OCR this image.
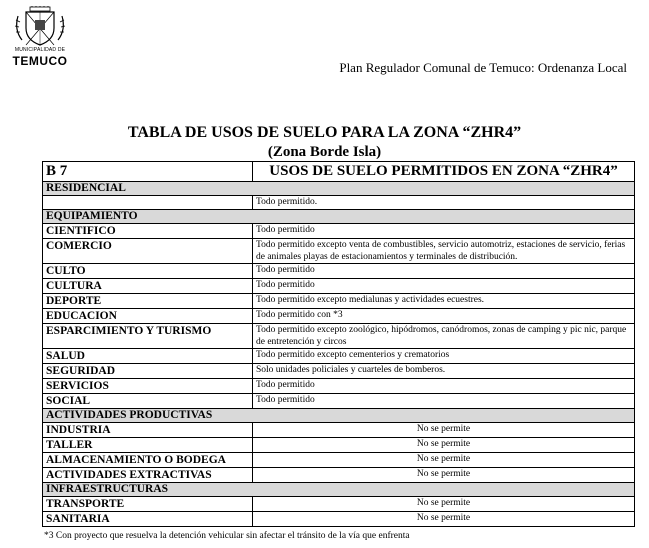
MUNICIPALIDAD DE
TEMUCO	Plan Regulador Comunal de Temuco: Ordenanza Local
TABLA DE USOS DE SUELO PARA LA ZONA “ZHR4”
(Zona Borde Isla)
B 7	USOS DE SUELO PERMITIDOS EN ZONA “ZHR4”
RESIDENCIAL	
	Todo permitido.
EQUIPAMIENTO	
CIENTIFICO	Todo permitido
COMERCIO	Todo permitido excepto venta de combustibles, servicio automotriz, estaciones de servicio, ferias de animales playas de estacionamientos y terminales de distribución.
CULTO	Todo permitido
CULTURA	Todo permitido
DEPORTE	Todo permitido excepto medialunas y actividades ecuestres.
EDUCACION	Todo permitido con *3
ESPARCIMIENTO Y TURISMO	Todo permitido excepto zoológico, hipódromos, canódromos, zonas de camping y pic nic, parque de entretención y circos
SALUD	Todo permitido excepto cementerios y crematorios
SEGURIDAD	Solo unidades policiales y cuarteles de bomberos.
SERVICIOS	Todo permitido
SOCIAL	Todo permitido
ACTIVIDADES PRODUCTIVAS	
INDUSTRIA	No se permite
TALLER	No se permite
ALMACENAMIENTO O BODEGA	No se permite
ACTIVIDADES EXTRACTIVAS	No se permite
INFRAESTRUCTURAS	
TRANSPORTE	No se permite
SANITARIA	No se permite
*3 Con proyecto que resuelva la detención vehicular sin afectar el tránsito de la vía que enfrenta
